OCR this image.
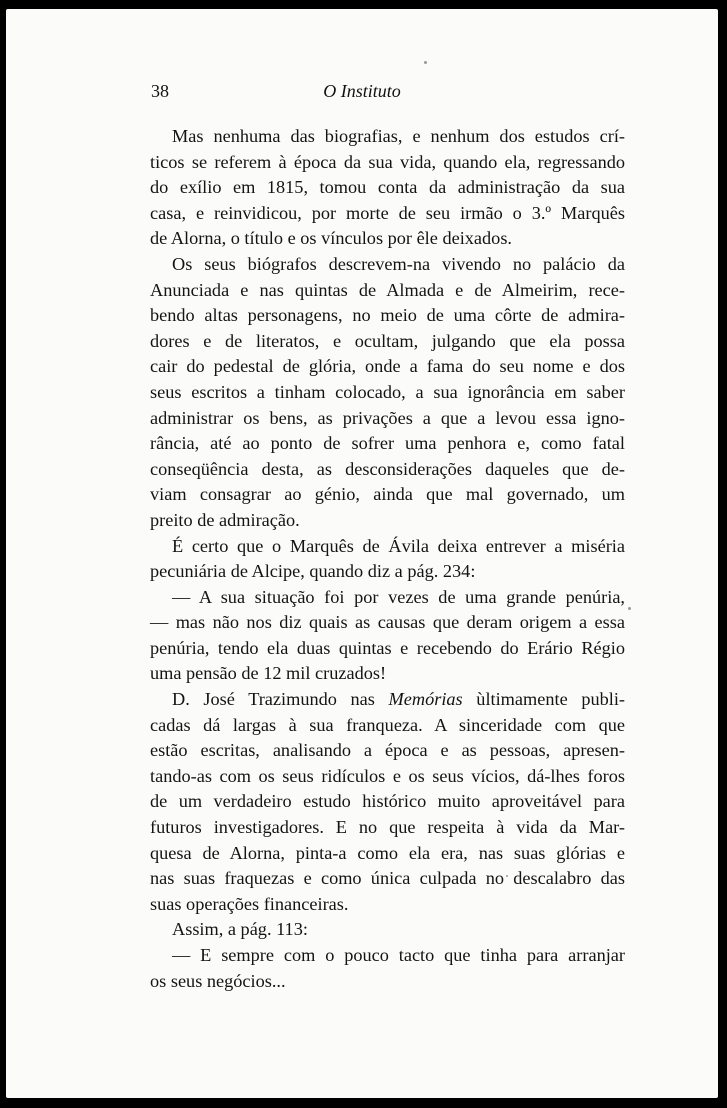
38	O Instituto
Mas nenhuma das biografias, e nenhum dos estudos crí-
ticos se referem à época da sua vida, quando ela, regressando
do exílio em 1815, tomou conta da administração da sua
casa, e reinvidicou, por morte de seu irmão o 3.º Marquês
de Alorna, o título e os vínculos por êle deixados.
Os seus biógrafos descrevem-na vivendo no palácio da
Anunciada e nas quintas de Almada e de Almeirim, rece-
bendo altas personagens, no meio de uma côrte de admira-
dores e de literatos, e ocultam, julgando que ela possa
cair do pedestal de glória, onde a fama do seu nome e dos
seus escritos a tinham colocado, a sua ignorância em saber
administrar os bens, as privações a que a levou essa igno-
rância, até ao ponto de sofrer uma penhora e, como fatal
conseqüência desta, as desconsiderações daqueles que de-
viam consagrar ao génio, ainda que mal governado, um
preito de admiração.
É certo que o Marquês de Ávila deixa entrever a miséria
pecuniária de Alcipe, quando diz a pág. 234:
— A sua situação foi por vezes de uma grande penúria,
— mas não nos diz quais as causas que deram origem a essa
penúria, tendo ela duas quintas e recebendo do Erário Régio
uma pensão de 12 mil cruzados!
D. José Trazimundo nas Memórias ùltimamente publi-
cadas dá largas à sua franqueza. A sinceridade com que
estão escritas, analisando a época e as pessoas, apresen-
tando-as com os seus ridículos e os seus vícios, dá-lhes foros
de um verdadeiro estudo histórico muito aproveitável para
futuros investigadores. E no que respeita à vida da Mar-
quesa de Alorna, pinta-a como ela era, nas suas glórias e
nas suas fraquezas e como única culpada no descalabro das
suas operações financeiras.
Assim, a pág. 113:
— E sempre com o pouco tacto que tinha para arranjar
os seus negócios...
